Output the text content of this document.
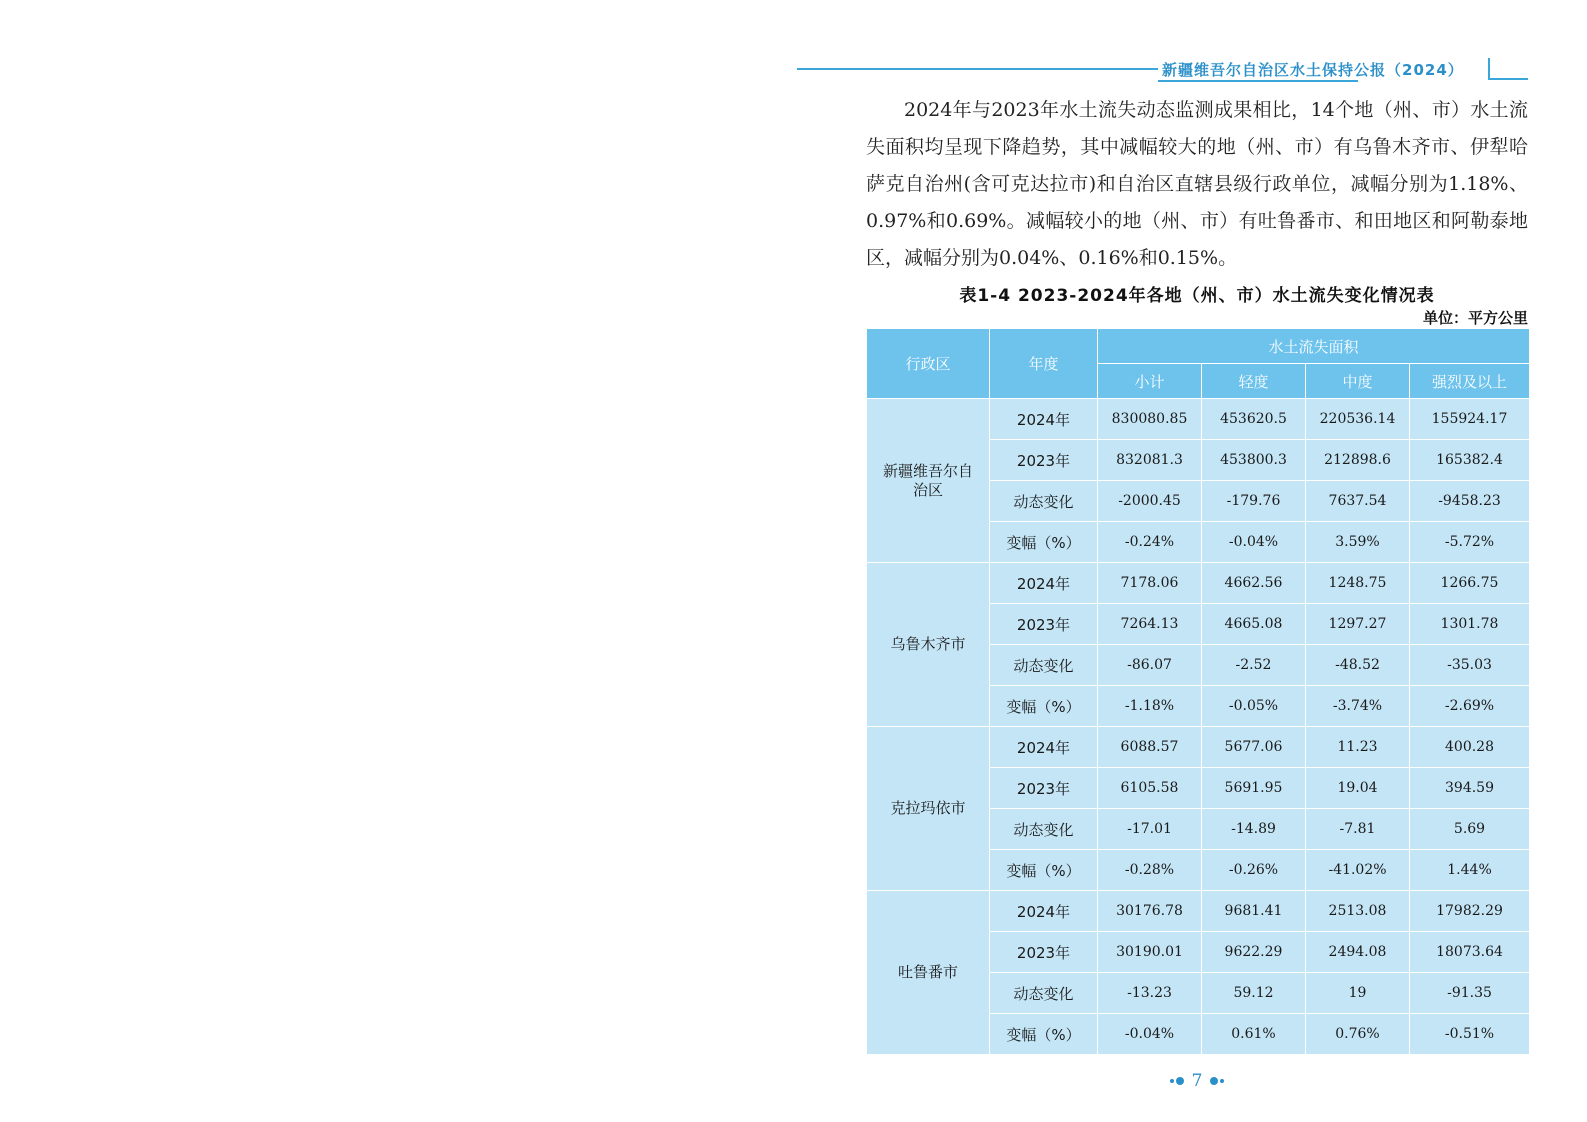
新疆维吾尔自治区水土保持公报（2024）

2024年与2023年水土流失动态监测成果相比，14个地（州、市）水土流失面积均呈现下降趋势，其中减幅较大的地（州、市）有乌鲁木齐市、伊犁哈萨克自治州(含可克达拉市)和自治区直辖县级行政单位，减幅分别为1.18%、0.97%和0.69%。减幅较小的地（州、市）有吐鲁番市、和田地区和阿勒泰地区，减幅分别为0.04%、0.16%和0.15%。

表1-4 2023-2024年各地（州、市）水土流失变化情况表
单位：平方公里
行政区	年度	水土流失面积			
		小计	轻度	中度	强烈及以上
新疆维吾尔自治区	2024年	830080.85	453620.5	220536.14	155924.17
	2023年	832081.3	453800.3	212898.6	165382.4
	动态变化	-2000.45	-179.76	7637.54	-9458.23
	变幅（%）	-0.24%	-0.04%	3.59%	-5.72%
乌鲁木齐市	2024年	7178.06	4662.56	1248.75	1266.75
	2023年	7264.13	4665.08	1297.27	1301.78
	动态变化	-86.07	-2.52	-48.52	-35.03
	变幅（%）	-1.18%	-0.05%	-3.74%	-2.69%
克拉玛依市	2024年	6088.57	5677.06	11.23	400.28
	2023年	6105.58	5691.95	19.04	394.59
	动态变化	-17.01	-14.89	-7.81	5.69
	变幅（%）	-0.28%	-0.26%	-41.02%	1.44%
吐鲁番市	2024年	30176.78	9681.41	2513.08	17982.29
	2023年	30190.01	9622.29	2494.08	18073.64
	动态变化	-13.23	59.12	19	-91.35
	变幅（%）	-0.04%	0.61%	0.76%	-0.51%
7
